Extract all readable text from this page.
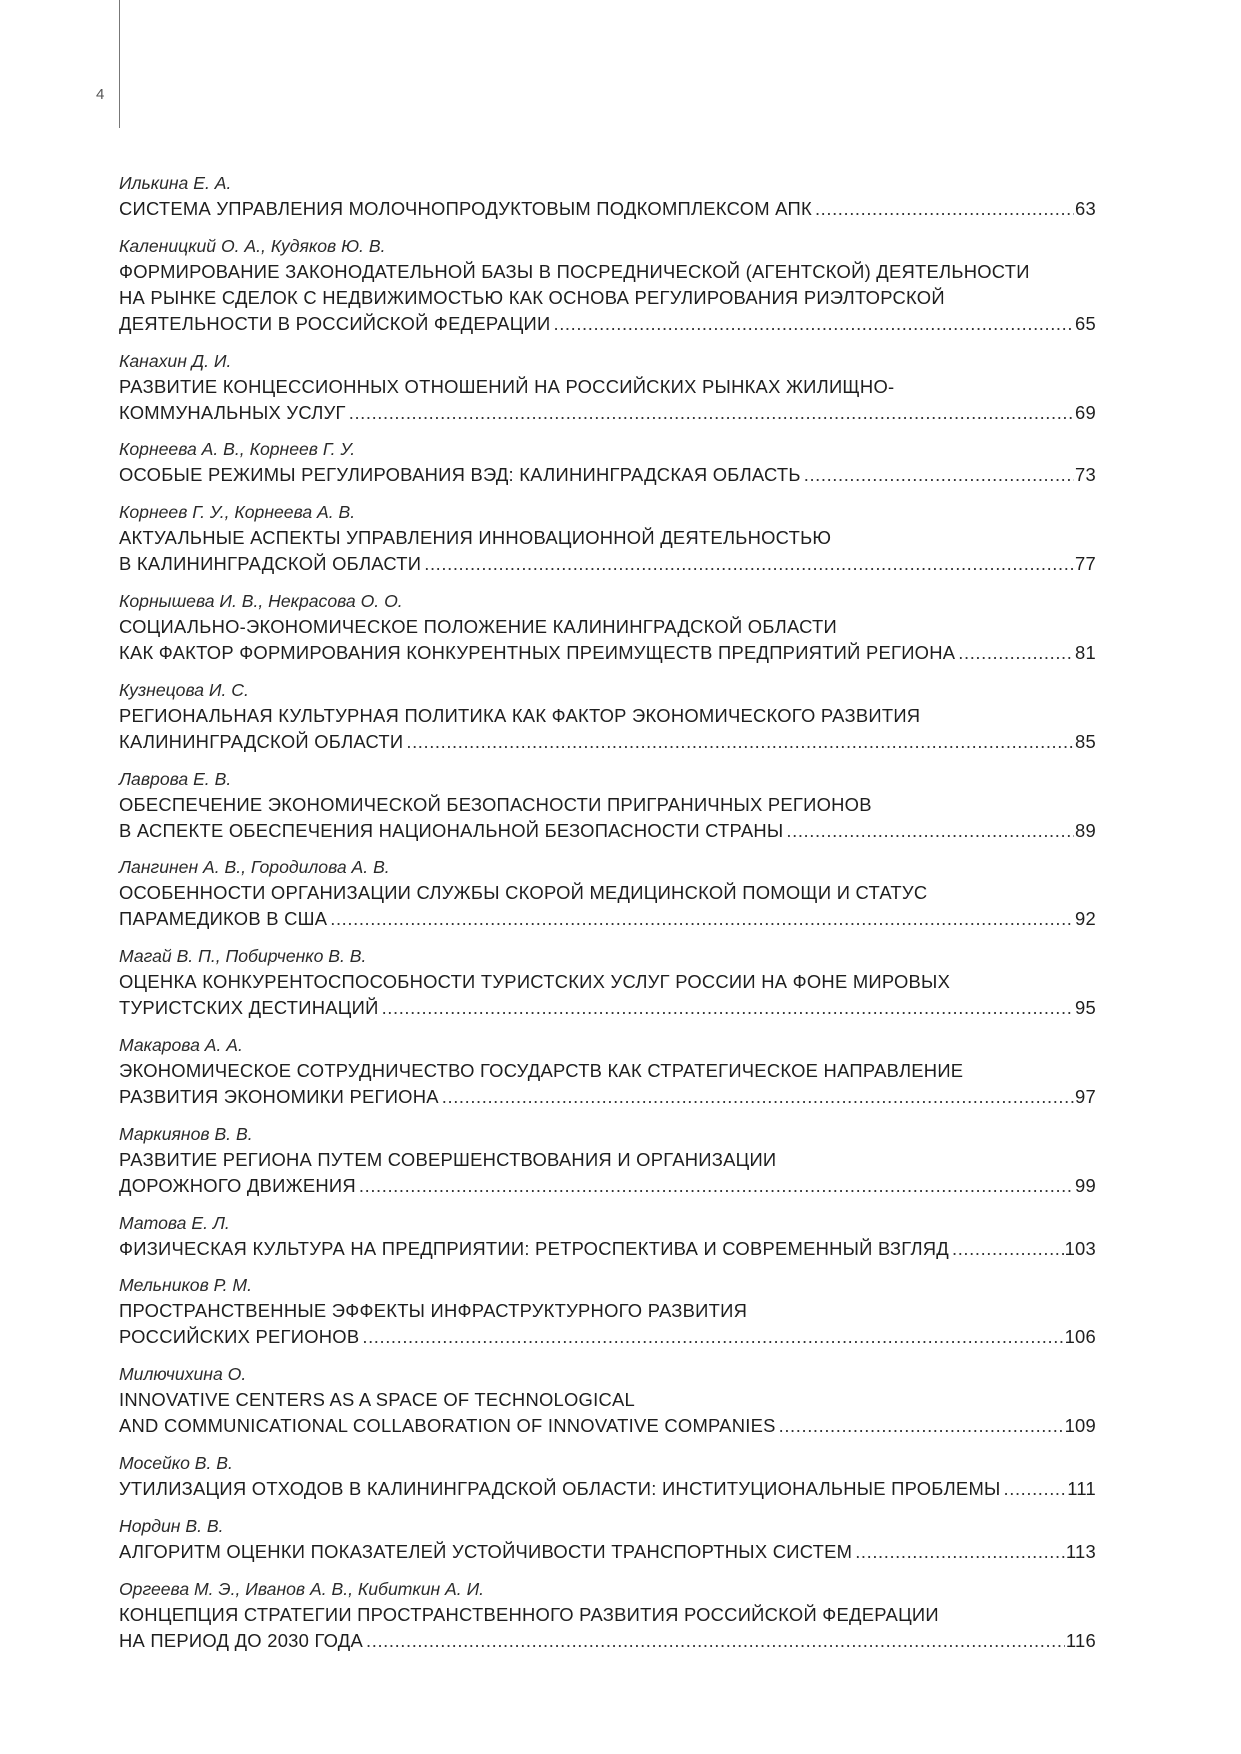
4
Илькина Е. А.
СИСТЕМА УПРАВЛЕНИЯ МОЛОЧНОПРОДУКТОВЫМ ПОДКОМПЛЕКСОМ АПК .....	63
Каленицкий О. А., Кудяков Ю. В.
ФОРМИРОВАНИЕ ЗАКОНОДАТЕЛЬНОЙ БАЗЫ В ПОСРЕДНИЧЕСКОЙ (АГЕНТСКОЙ) ДЕЯТЕЛЬНОСТИ
НА РЫНКЕ СДЕЛОК С НЕДВИЖИМОСТЬЮ КАК ОСНОВА РЕГУЛИРОВАНИЯ РИЭЛТОРСКОЙ
ДЕЯТЕЛЬНОСТИ В РОССИЙСКОЙ ФЕДЕРАЦИИ .....	65
Канахин Д. И.
РАЗВИТИЕ КОНЦЕССИОННЫХ ОТНОШЕНИЙ НА РОССИЙСКИХ РЫНКАХ ЖИЛИЩНО-
КОММУНАЛЬНЫХ УСЛУГ .....	69
Корнеева А. В., Корнеев Г. У.
ОСОБЫЕ РЕЖИМЫ РЕГУЛИРОВАНИЯ ВЭД: КАЛИНИНГРАДСКАЯ ОБЛАСТЬ .....	73
Корнеев Г. У., Корнеева А. В.
АКТУАЛЬНЫЕ АСПЕКТЫ УПРАВЛЕНИЯ ИННОВАЦИОННОЙ ДЕЯТЕЛЬНОСТЬЮ
В КАЛИНИНГРАДСКОЙ ОБЛАСТИ .....	77
Корнышева И. В., Некрасова О. О.
СОЦИАЛЬНО-ЭКОНОМИЧЕСКОЕ ПОЛОЖЕНИЕ КАЛИНИНГРАДСКОЙ ОБЛАСТИ
КАК ФАКТОР ФОРМИРОВАНИЯ КОНКУРЕНТНЫХ ПРЕИМУЩЕСТВ ПРЕДПРИЯТИЙ РЕГИОНА .....	81
Кузнецова И. С.
РЕГИОНАЛЬНАЯ КУЛЬТУРНАЯ ПОЛИТИКА КАК ФАКТОР ЭКОНОМИЧЕСКОГО РАЗВИТИЯ
КАЛИНИНГРАДСКОЙ ОБЛАСТИ .....	85
Лаврова Е. В.
ОБЕСПЕЧЕНИЕ ЭКОНОМИЧЕСКОЙ БЕЗОПАСНОСТИ ПРИГРАНИЧНЫХ РЕГИОНОВ
В АСПЕКТЕ ОБЕСПЕЧЕНИЯ НАЦИОНАЛЬНОЙ БЕЗОПАСНОСТИ СТРАНЫ .....	89
Лангинен А. В., Городилова А. В.
ОСОБЕННОСТИ ОРГАНИЗАЦИИ СЛУЖБЫ СКОРОЙ МЕДИЦИНСКОЙ ПОМОЩИ И СТАТУС
ПАРАМЕДИКОВ В США .....	92
Магай В. П., Побирченко В. В.
ОЦЕНКА КОНКУРЕНТОСПОСОБНОСТИ ТУРИСТСКИХ УСЛУГ РОССИИ НА ФОНЕ МИРОВЫХ
ТУРИСТСКИХ ДЕСТИНАЦИЙ .....	95
Макарова А. А.
ЭКОНОМИЧЕСКОЕ СОТРУДНИЧЕСТВО ГОСУДАРСТВ КАК СТРАТЕГИЧЕСКОЕ НАПРАВЛЕНИЕ
РАЗВИТИЯ ЭКОНОМИКИ РЕГИОНА .....	97
Маркиянов В. В.
РАЗВИТИЕ РЕГИОНА ПУТЕМ СОВЕРШЕНСТВОВАНИЯ И ОРГАНИЗАЦИИ
ДОРОЖНОГО ДВИЖЕНИЯ .....	99
Матова Е. Л.
ФИЗИЧЕСКАЯ КУЛЬТУРА НА ПРЕДПРИЯТИИ: РЕТРОСПЕКТИВА И СОВРЕМЕННЫЙ ВЗГЛЯД .....	103
Мельников Р. М.
ПРОСТРАНСТВЕННЫЕ ЭФФЕКТЫ ИНФРАСТРУКТУРНОГО РАЗВИТИЯ
РОССИЙСКИХ РЕГИОНОВ .....	106
Милючихина О.
INNOVATIVE CENTERS AS A SPACE OF TECHNOLOGICAL
AND COMMUNICATIONAL COLLABORATION OF INNOVATIVE COMPANIES .....	109
Мосейко В. В.
УТИЛИЗАЦИЯ ОТХОДОВ В КАЛИНИНГРАДСКОЙ ОБЛАСТИ: ИНСТИТУЦИОНАЛЬНЫЕ ПРОБЛЕМЫ .....	111
Нордин В. В.
АЛГОРИТМ ОЦЕНКИ ПОКАЗАТЕЛЕЙ УСТОЙЧИВОСТИ ТРАНСПОРТНЫХ СИСТЕМ .....	113
Оргеева М. Э., Иванов А. В., Кибиткин А. И.
КОНЦЕПЦИЯ СТРАТЕГИИ ПРОСТРАНСТВЕННОГО РАЗВИТИЯ РОССИЙСКОЙ ФЕДЕРАЦИИ
НА ПЕРИОД ДО 2030 ГОДА .....	116
